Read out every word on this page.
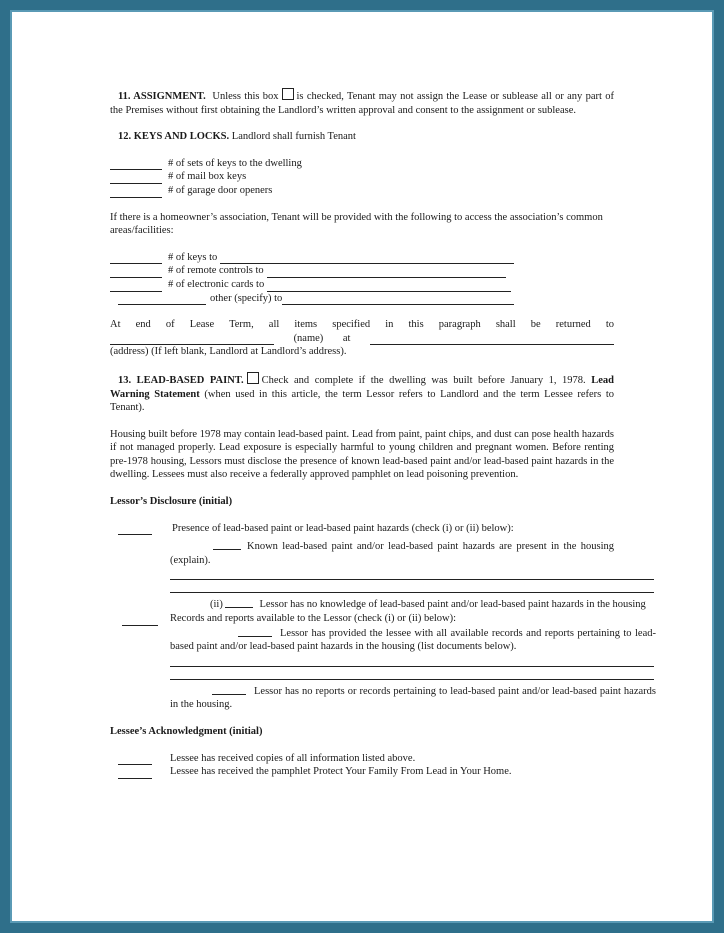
11. ASSIGNMENT. Unless this box is checked, Tenant may not assign the Lease or sublease all or any part of the Premises without first obtaining the Landlord’s written approval and consent to the assignment or sublease.

12. KEYS AND LOCKS. Landlord shall furnish Tenant

# of sets of keys to the dwelling
# of mail box keys
# of garage door openers

If there is a homeowner’s association, Tenant will be provided with the following to access the association’s common areas/facilities:

# of keys to
# of remote controls to
# of electronic cards to
other (specify) to

At end of Lease Term, all items specified in this paragraph shall be returned to

(name) at

(address) (If left blank, Landlord at Landlord’s address).

13. LEAD-BASED PAINT. Check and complete if the dwelling was built before January 1, 1978. Lead Warning Statement (when used in this article, the term Lessor refers to Landlord and the term Lessee refers to Tenant).

Housing built before 1978 may contain lead-based paint. Lead from paint, paint chips, and dust can pose health hazards if not managed properly. Lead exposure is especially harmful to young children and pregnant women. Before renting pre-1978 housing, Lessors must disclose the presence of known lead-based paint and/or lead-based paint hazards in the dwelling. Lessees must also receive a federally approved pamphlet on lead poisoning prevention.

Lessor’s Disclosure (initial)

Presence of lead-based paint or lead-based paint hazards (check (i) or (ii) below):

Known lead-based paint and/or lead-based paint hazards are present in the housing (explain).

(ii)	Lessor has no knowledge of lead-based paint and/or lead-based paint hazards in the housing

Records and reports available to the Lessor (check (i) or (ii) below):

Lessor has provided the lessee with all available records and reports pertaining to lead-based paint and/or lead-based paint hazards in the housing (list documents below).

Lessor has no reports or records pertaining to lead-based paint and/or lead-based paint hazards in the housing.

Lessee’s Acknowledgment (initial)

Lessee has received copies of all information listed above.
Lessee has received the pamphlet Protect Your Family From Lead in Your Home.
